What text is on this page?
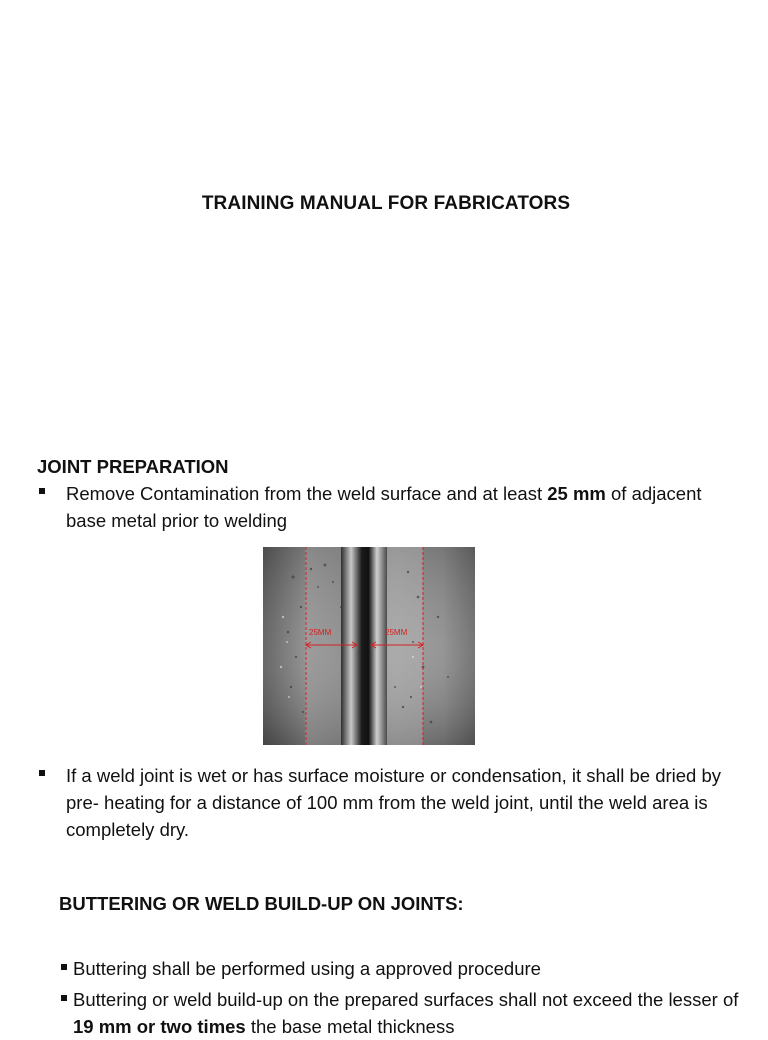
TRAINING MANUAL FOR FABRICATORS
JOINT PREPARATION
Remove Contamination from the weld surface and at least 25 mm of adjacent base metal prior to welding
25MM	25MM
If a weld joint is wet or has surface moisture or condensation, it shall be dried by pre- heating for a distance of 100 mm from the weld joint, until the weld area is completely dry.
BUTTERING OR WELD BUILD-UP ON JOINTS:
Buttering shall be performed using a approved procedure
Buttering or weld build-up on the prepared surfaces shall not exceed the lesser of 19 mm or two times the base metal thickness
